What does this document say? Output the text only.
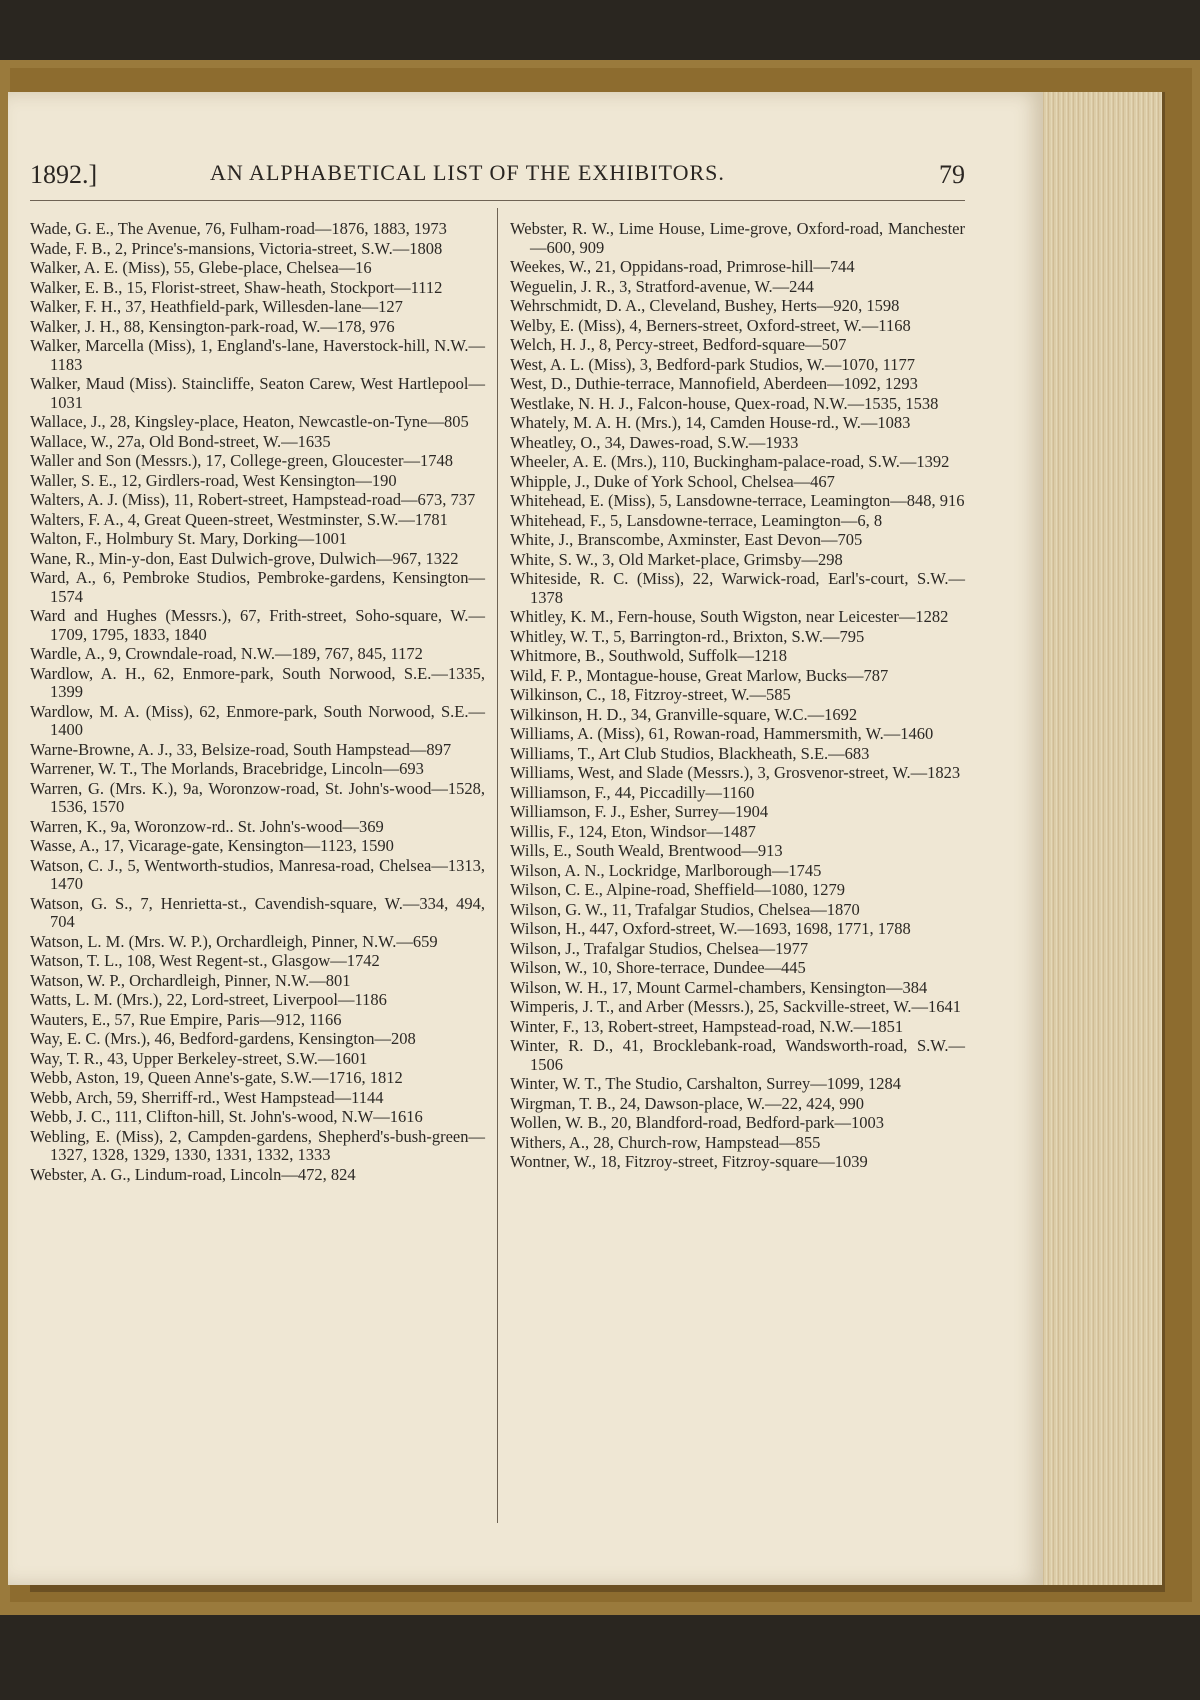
1892.]	AN ALPHABETICAL LIST OF THE EXHIBITORS.	79
Wade, G. E., The Avenue, 76, Fulham-road—1876, 1883, 1973
Wade, F. B., 2, Prince's-mansions, Victoria-street, S.W.—1808
Walker, A. E. (Miss), 55, Glebe-place, Chelsea—16
Walker, E. B., 15, Florist-street, Shaw-heath, Stockport—1112
Walker, F. H., 37, Heathfield-park, Willesden-lane—127
Walker, J. H., 88, Kensington-park-road, W.—178, 976
Walker, Marcella (Miss), 1, England's-lane, Haverstock-hill, N.W.—1183
Walker, Maud (Miss). Staincliffe, Seaton Carew, West Hartlepool—1031
Wallace, J., 28, Kingsley-place, Heaton, Newcastle-on-Tyne—805
Wallace, W., 27a, Old Bond-street, W.—1635
Waller and Son (Messrs.), 17, College-green, Gloucester—1748
Waller, S. E., 12, Girdlers-road, West Kensington—190
Walters, A. J. (Miss), 11, Robert-street, Hampstead-road—673, 737
Walters, F. A., 4, Great Queen-street, Westminster, S.W.—1781
Walton, F., Holmbury St. Mary, Dorking—1001
Wane, R., Min-y-don, East Dulwich-grove, Dulwich—967, 1322
Ward, A., 6, Pembroke Studios, Pembroke-gardens, Kensington—1574
Ward and Hughes (Messrs.), 67, Frith-street, Soho-square, W.—1709, 1795, 1833, 1840
Wardle, A., 9, Crowndale-road, N.W.—189, 767, 845, 1172
Wardlow, A. H., 62, Enmore-park, South Norwood, S.E.—1335, 1399
Wardlow, M. A. (Miss), 62, Enmore-park, South Norwood, S.E.—1400
Warne-Browne, A. J., 33, Belsize-road, South Hampstead—897
Warrener, W. T., The Morlands, Bracebridge, Lincoln—693
Warren, G. (Mrs. K.), 9a, Woronzow-road, St. John's-wood—1528, 1536, 1570
Warren, K., 9a, Woronzow-rd.. St. John's-wood—369
Wasse, A., 17, Vicarage-gate, Kensington—1123, 1590
Watson, C. J., 5, Wentworth-studios, Manresa-road, Chelsea—1313, 1470
Watson, G. S., 7, Henrietta-st., Cavendish-square, W.—334, 494, 704
Watson, L. M. (Mrs. W. P.), Orchardleigh, Pinner, N.W.—659
Watson, T. L., 108, West Regent-st., Glasgow—1742
Watson, W. P., Orchardleigh, Pinner, N.W.—801
Watts, L. M. (Mrs.), 22, Lord-street, Liverpool—1186
Wauters, E., 57, Rue Empire, Paris—912, 1166
Way, E. C. (Mrs.), 46, Bedford-gardens, Kensington—208
Way, T. R., 43, Upper Berkeley-street, S.W.—1601
Webb, Aston, 19, Queen Anne's-gate, S.W.—1716, 1812
Webb, Arch, 59, Sherriff-rd., West Hampstead—1144
Webb, J. C., 111, Clifton-hill, St. John's-wood, N.W—1616
Webling, E. (Miss), 2, Campden-gardens, Shepherd's-bush-green—1327, 1328, 1329, 1330, 1331, 1332, 1333
Webster, A. G., Lindum-road, Lincoln—472, 824
Webster, R. W., Lime House, Lime-grove, Oxford-road, Manchester—600, 909
Weekes, W., 21, Oppidans-road, Primrose-hill—744
Weguelin, J. R., 3, Stratford-avenue, W.—244
Wehrschmidt, D. A., Cleveland, Bushey, Herts—920, 1598
Welby, E. (Miss), 4, Berners-street, Oxford-street, W.—1168
Welch, H. J., 8, Percy-street, Bedford-square—507
West, A. L. (Miss), 3, Bedford-park Studios, W.—1070, 1177
West, D., Duthie-terrace, Mannofield, Aberdeen—1092, 1293
Westlake, N. H. J., Falcon-house, Quex-road, N.W.—1535, 1538
Whately, M. A. H. (Mrs.), 14, Camden House-rd., W.—1083
Wheatley, O., 34, Dawes-road, S.W.—1933
Wheeler, A. E. (Mrs.), 110, Buckingham-palace-road, S.W.—1392
Whipple, J., Duke of York School, Chelsea—467
Whitehead, E. (Miss), 5, Lansdowne-terrace, Leamington—848, 916
Whitehead, F., 5, Lansdowne-terrace, Leamington—6, 8
White, J., Branscombe, Axminster, East Devon—705
White, S. W., 3, Old Market-place, Grimsby—298
Whiteside, R. C. (Miss), 22, Warwick-road, Earl's-court, S.W.—1378
Whitley, K. M., Fern-house, South Wigston, near Leicester—1282
Whitley, W. T., 5, Barrington-rd., Brixton, S.W.—795
Whitmore, B., Southwold, Suffolk—1218
Wild, F. P., Montague-house, Great Marlow, Bucks—787
Wilkinson, C., 18, Fitzroy-street, W.—585
Wilkinson, H. D., 34, Granville-square, W.C.—1692
Williams, A. (Miss), 61, Rowan-road, Hammersmith, W.—1460
Williams, T., Art Club Studios, Blackheath, S.E.—683
Williams, West, and Slade (Messrs.), 3, Grosvenor-street, W.—1823
Williamson, F., 44, Piccadilly—1160
Williamson, F. J., Esher, Surrey—1904
Willis, F., 124, Eton, Windsor—1487
Wills, E., South Weald, Brentwood—913
Wilson, A. N., Lockridge, Marlborough—1745
Wilson, C. E., Alpine-road, Sheffield—1080, 1279
Wilson, G. W., 11, Trafalgar Studios, Chelsea—1870
Wilson, H., 447, Oxford-street, W.—1693, 1698, 1771, 1788
Wilson, J., Trafalgar Studios, Chelsea—1977
Wilson, W., 10, Shore-terrace, Dundee—445
Wilson, W. H., 17, Mount Carmel-chambers, Kensington—384
Wimperis, J. T., and Arber (Messrs.), 25, Sackville-street, W.—1641
Winter, F., 13, Robert-street, Hampstead-road, N.W.—1851
Winter, R. D., 41, Brocklebank-road, Wandsworth-road, S.W.—1506
Winter, W. T., The Studio, Carshalton, Surrey—1099, 1284
Wirgman, T. B., 24, Dawson-place, W.—22, 424, 990
Wollen, W. B., 20, Blandford-road, Bedford-park—1003
Withers, A., 28, Church-row, Hampstead—855
Wontner, W., 18, Fitzroy-street, Fitzroy-square—1039
